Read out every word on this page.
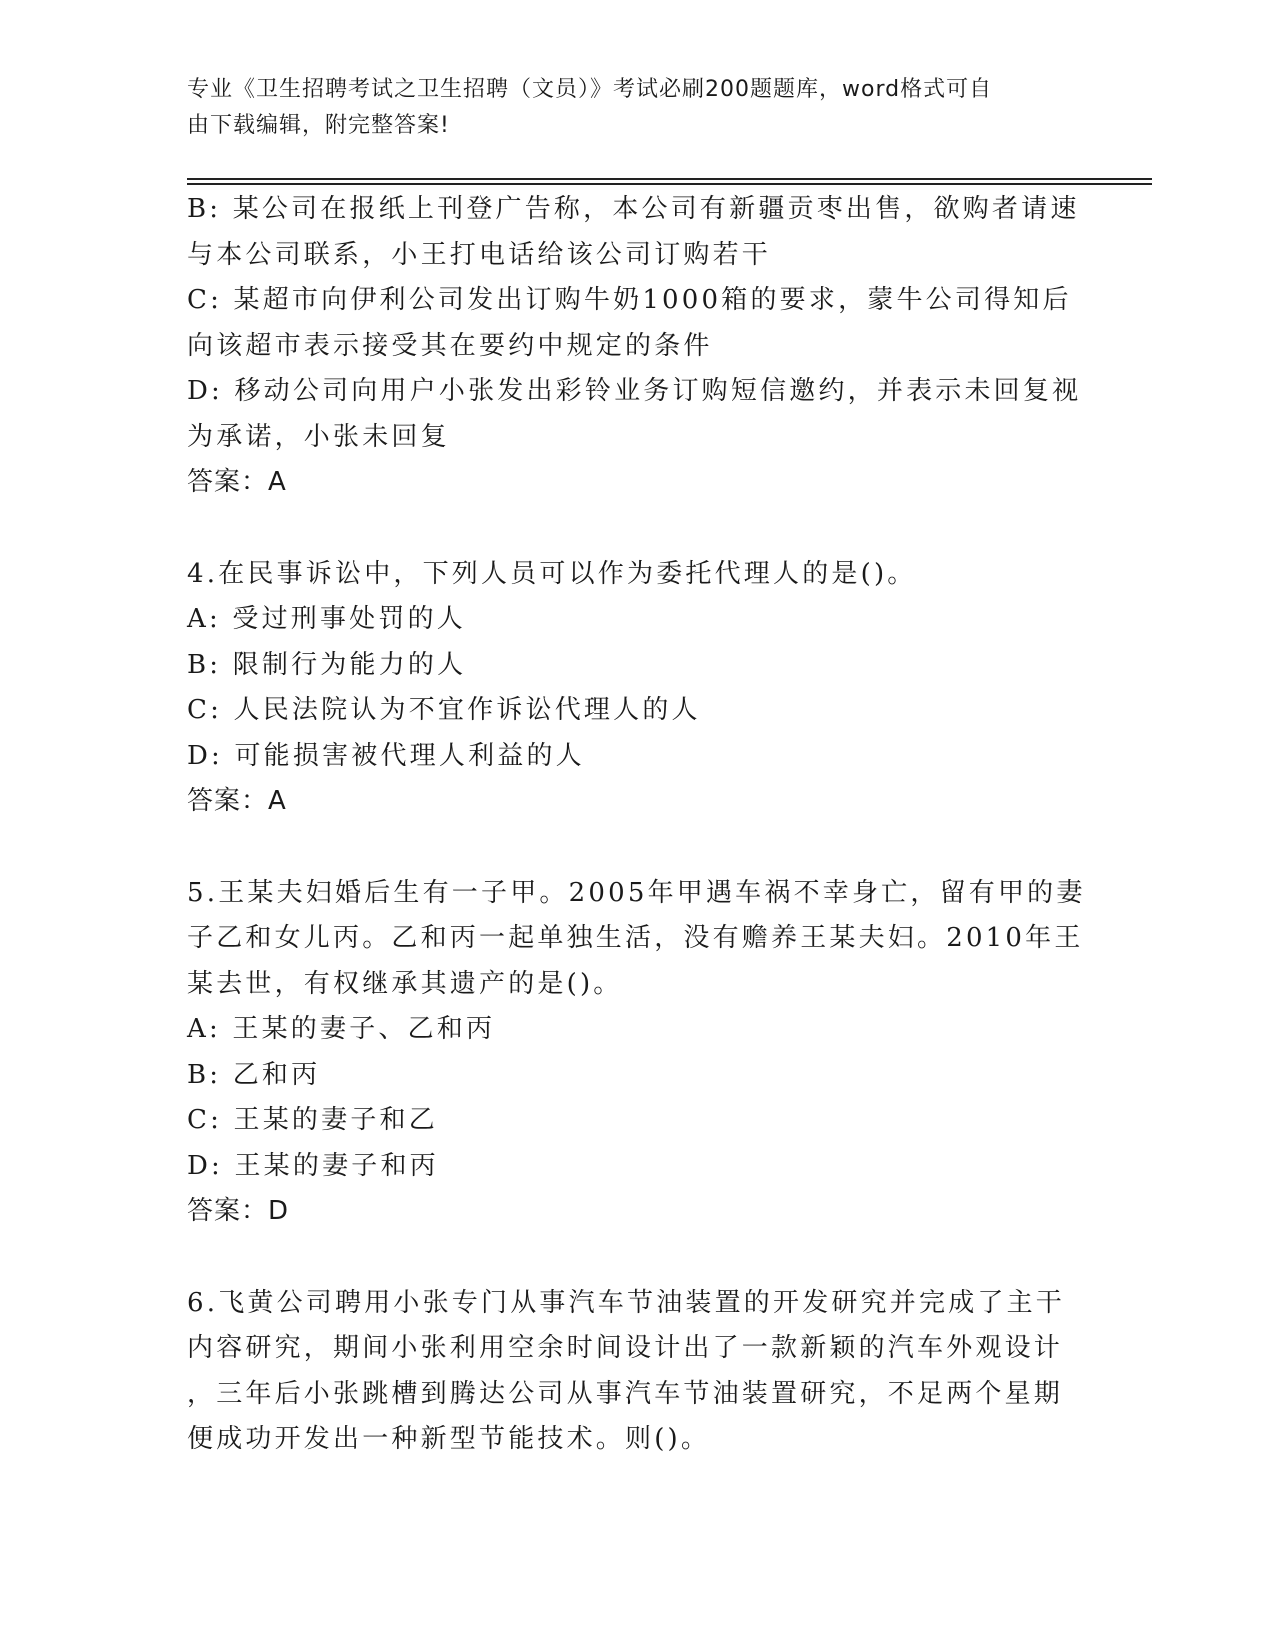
专业《卫生招聘考试之卫生招聘（文员）》考试必刷200题题库，word格式可自
由下载编辑，附完整答案!
B: 某公司在报纸上刊登广告称，本公司有新疆贡枣出售，欲购者请速
与本公司联系，小王打电话给该公司订购若干
C: 某超市向伊利公司发出订购牛奶1000箱的要求，蒙牛公司得知后
向该超市表示接受其在要约中规定的条件
D: 移动公司向用户小张发出彩铃业务订购短信邀约，并表示未回复视
为承诺，小张未回复
答案：A
4.在民事诉讼中，下列人员可以作为委托代理人的是()。
A: 受过刑事处罚的人
B: 限制行为能力的人
C: 人民法院认为不宜作诉讼代理人的人
D: 可能损害被代理人利益的人
答案：A
5.王某夫妇婚后生有一子甲。2005年甲遇车祸不幸身亡，留有甲的妻
子乙和女儿丙。乙和丙一起单独生活，没有赡养王某夫妇。2010年王
某去世，有权继承其遗产的是()。
A: 王某的妻子、乙和丙
B: 乙和丙
C: 王某的妻子和乙
D: 王某的妻子和丙
答案：D
6.飞黄公司聘用小张专门从事汽车节油装置的开发研究并完成了主干
内容研究，期间小张利用空余时间设计出了一款新颖的汽车外观设计
，三年后小张跳槽到腾达公司从事汽车节油装置研究，不足两个星期
便成功开发出一种新型节能技术。则()。
